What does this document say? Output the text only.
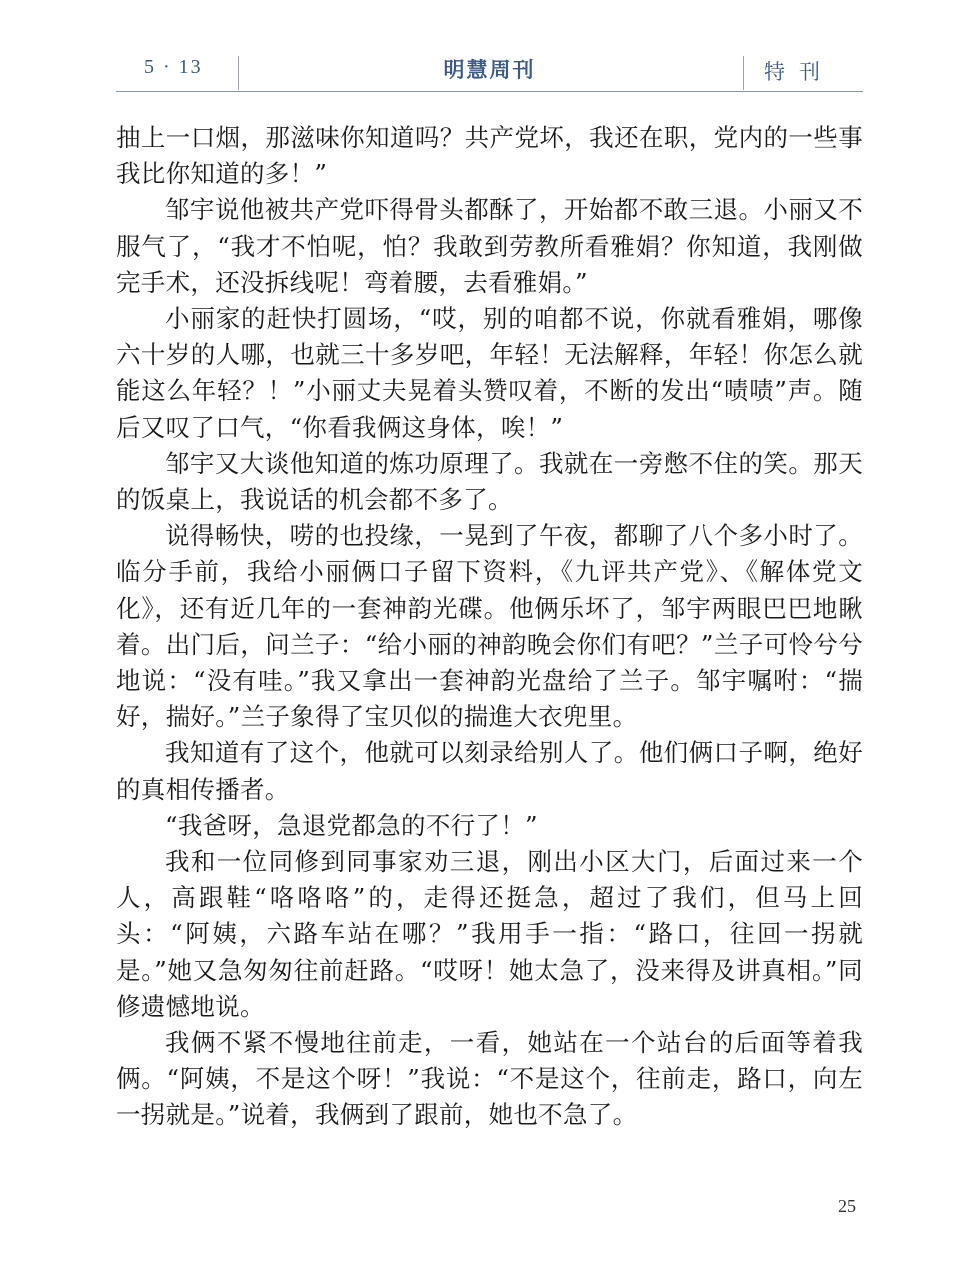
5 · 13	明慧周刊	特刊

抽上一口烟，那滋味你知道吗？共产党坏，我还在职，党内的一些事我比你知道的多！”

邹宇说他被共产党吓得骨头都酥了，开始都不敢三退。小丽又不服气了，“我才不怕呢，怕？我敢到劳教所看雅娟？你知道，我刚做完手术，还没拆线呢！弯着腰，去看雅娟。”

小丽家的赶快打圆场，“哎，别的咱都不说，你就看雅娟，哪像六十岁的人哪，也就三十多岁吧，年轻！无法解释，年轻！你怎么就能这么年轻？！”小丽丈夫晃着头赞叹着，不断的发出“啧啧”声。随后又叹了口气，“你看我俩这身体，唉！”

邹宇又大谈他知道的炼功原理了。我就在一旁憋不住的笑。那天的饭桌上，我说话的机会都不多了。

说得畅快，唠的也投缘，一晃到了午夜，都聊了八个多小时了。临分手前，我给小丽俩口子留下资料，《九评共产党》、《解体党文化》，还有近几年的一套神韵光碟。他俩乐坏了，邹宇两眼巴巴地瞅着。出门后，问兰子：“给小丽的神韵晚会你们有吧？”兰子可怜兮兮地说：“没有哇。”我又拿出一套神韵光盘给了兰子。邹宇嘱咐：“揣好，揣好。”兰子象得了宝贝似的揣進大衣兜里。

我知道有了这个，他就可以刻录给别人了。他们俩口子啊，绝好的真相传播者。

“我爸呀，急退党都急的不行了！”

我和一位同修到同事家劝三退，刚出小区大门，后面过来一个人，高跟鞋“咯咯咯”的，走得还挺急，超过了我们，但马上回头：“阿姨，六路车站在哪？”我用手一指：“路口，往回一拐就是。”她又急匆匆往前赶路。“哎呀！她太急了，没来得及讲真相。”同修遗憾地说。

我俩不紧不慢地往前走，一看，她站在一个站台的后面等着我俩。“阿姨，不是这个呀！”我说：“不是这个，往前走，路口，向左一拐就是。”说着，我俩到了跟前，她也不急了。

25
